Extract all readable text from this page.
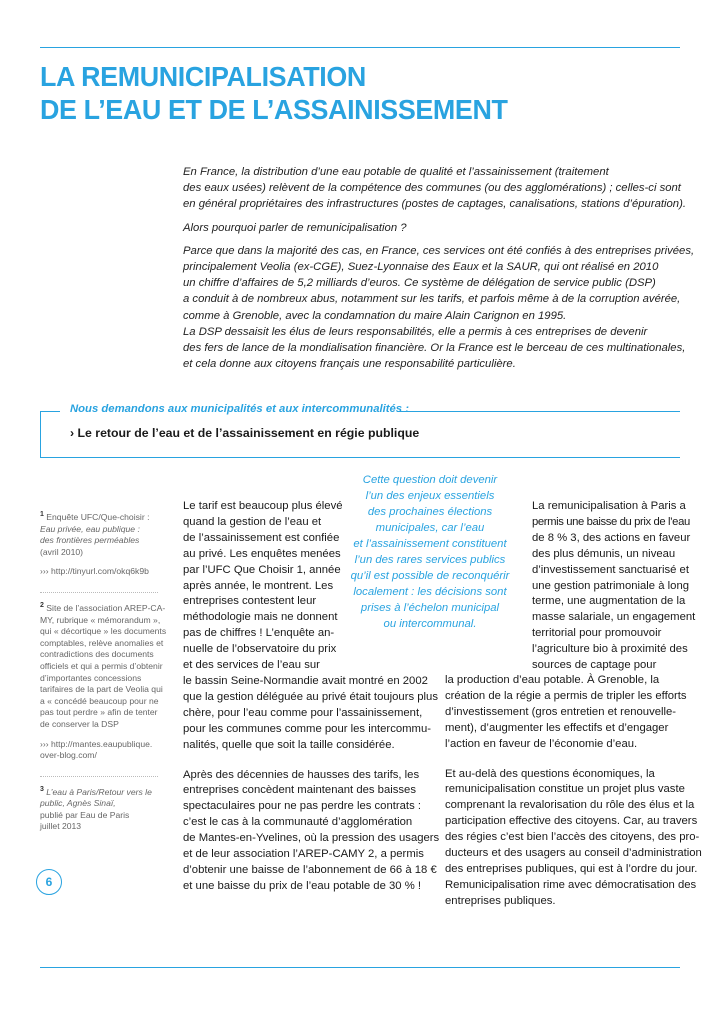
LA REMUNICIPALISATION
DE L’EAU ET DE L’ASSAINISSEMENT

En France, la distribution d’une eau potable de qualité et l’assainissement (traitement
des eaux usées) relèvent de la compétence des communes (ou des agglomérations) ; celles-ci sont
en général propriétaires des infrastructures (postes de captages, canalisations, stations d’épuration).

Alors pourquoi parler de remunicipalisation ?

Parce que dans la majorité des cas, en France, ces services ont été confiés à des entreprises privées,
principalement Veolia (ex-CGE), Suez-Lyonnaise des Eaux et la SAUR, qui ont réalisé en 2010
un chiffre d’affaires de 5,2 milliards d’euros. Ce système de délégation de service public (DSP)
a conduit à de nombreux abus, notamment sur les tarifs, et parfois même à de la corruption avérée,
comme à Grenoble, avec la condamnation du maire Alain Carignon en 1995.
La DSP dessaisit les élus de leurs responsabilités, elle a permis à ces entreprises de devenir
des fers de lance de la mondialisation financière. Or la France est le berceau de ces multinationales,
et cela donne aux citoyens français une responsabilité particulière.

Nous demandons aux municipalités et aux intercommunalités :
› Le retour de l’eau et de l’assainissement en régie publique
$^1$ Enquête UFC/Que-choisir :
Eau privée, eau publique :
des frontières perméables
(avril 2010)
››› http://tinyurl.com/okq6k9b
$^2$ Site de l’association AREP-CA-
MY, rubrique « mémorandum »,
qui « décortique » les documents
comptables, relève anomalies et
contradictions des documents
officiels et qui a permis d’obtenir
d’importantes concessions
tarifaires de la part de Veolia qui
a « concédé beaucoup pour ne
pas tout perdre » afin de tenter
de conserver la DSP
››› http://mantes.eaupublique.
over-blog.com/
$^3$ L’eau à Paris/Retour vers le
public, Agnès Sinaï,
publié par Eau de Paris
juillet 2013
6
Le tarif est beaucoup plus élevé
quand la gestion de l’eau et
de l’assainissement est confiée
au privé. Les enquêtes menées
par l’UFC Que Choisir 1, année
après année, le montrent. Les
entreprises contestent leur
méthodologie mais ne donnent
pas de chiffres ! L’enquête an-
nuelle de l’observatoire du prix
et des services de l’eau sur

le bassin Seine-Normandie avait montré en 2002
que la gestion déléguée au privé était toujours plus
chère, pour l’eau comme pour l’assainissement,
pour les communes comme pour les intercommu-
nalités, quelle que soit la taille considérée.

Après des décennies de hausses des tarifs, les
entreprises concèdent maintenant des baisses
spectaculaires pour ne pas perdre les contrats :
c’est le cas à la communauté d’agglomération
de Mantes-en-Yvelines, où la pression des usagers
et de leur association l’AREP-CAMY 2, a permis
d’obtenir une baisse de l’abonnement de 66 à 18 €
et une baisse du prix de l’eau potable de 30 % !

Cette question doit devenir
l’un des enjeux essentiels
des prochaines élections
municipales, car l’eau
et l’assainissement constituent
l’un des rares services publics
qu’il est possible de reconquérir
localement : les décisions sont
prises à l’échelon municipal
ou intercommunal.
La remunicipalisation à Paris a
permis une baisse du prix de l’eau
de 8 % 3, des actions en faveur
des plus démunis, un niveau
d’investissement sanctuarisé et
une gestion patrimoniale à long
terme, une augmentation de la
masse salariale, un engagement
territorial pour promouvoir
l’agriculture bio à proximité des
sources de captage pour

la production d’eau potable. À Grenoble, la
création de la régie a permis de tripler les efforts
d’investissement (gros entretien et renouvelle-
ment), d’augmenter les effectifs et d’engager
l’action en faveur de l’économie d’eau.

Et au-delà des questions économiques, la
remunicipalisation constitue un projet plus vaste
comprenant la revalorisation du rôle des élus et la
participation effective des citoyens. Car, au travers
des régies c’est bien l’accès des citoyens, des pro-
ducteurs et des usagers au conseil d’administration
des entreprises publiques, qui est à l’ordre du jour.
Remunicipalisation rime avec démocratisation des
entreprises publiques.
